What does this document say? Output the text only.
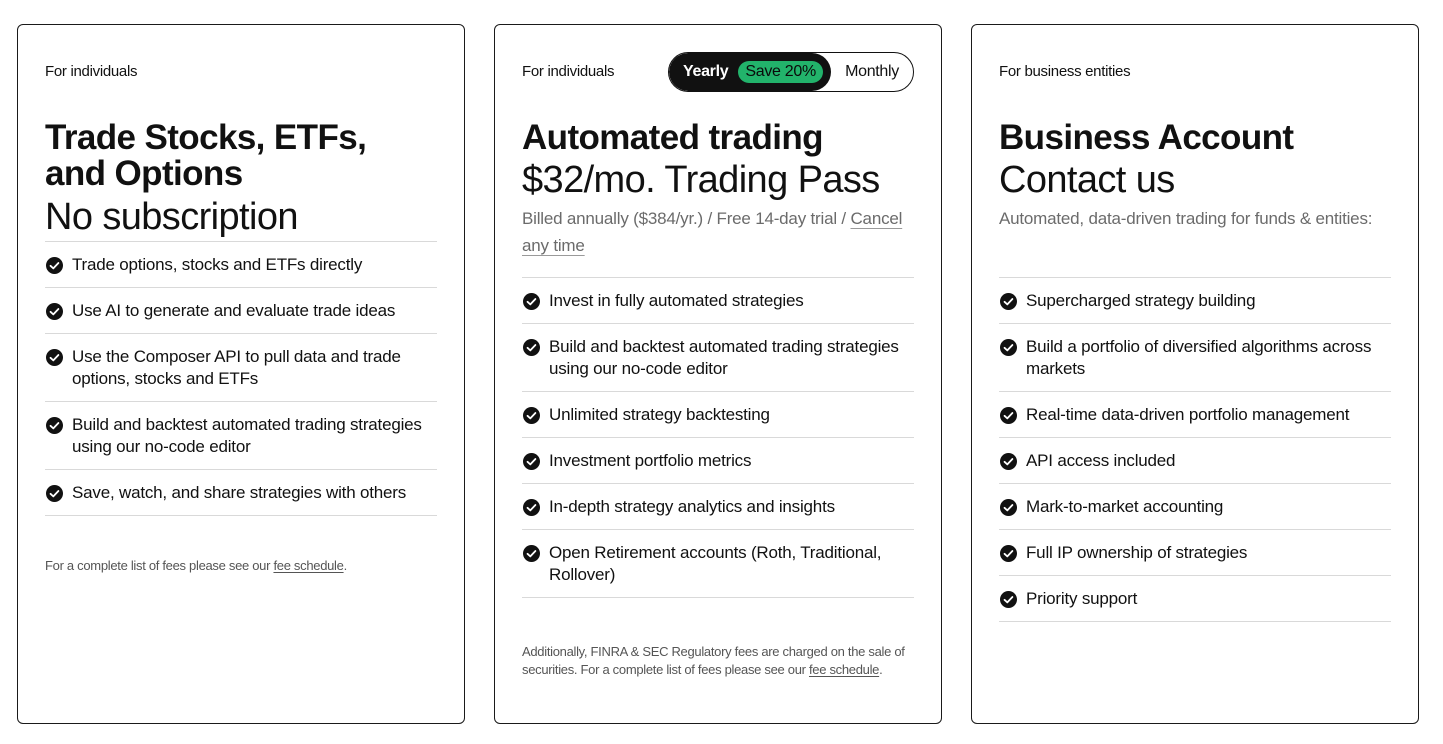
For individuals
Trade Stocks, ETFs, and Options
No subscription
Trade options, stocks and ETFs directly
Use AI to generate and evaluate trade ideas
Use the Composer API to pull data and trade options, stocks and ETFs
Build and backtest automated trading strategies using our no-code editor
Save, watch, and share strategies with others
For a complete list of fees please see our fee schedule.
For individuals	Yearly	Save 20%	Monthly
Automated trading
$32/mo. Trading Pass
Billed annually ($384/yr.) / Free 14-day trial / Cancel any time
Invest in fully automated strategies
Build and backtest automated trading strategies using our no-code editor
Unlimited strategy backtesting
Investment portfolio metrics
In-depth strategy analytics and insights
Open Retirement accounts (Roth, Traditional, Rollover)
Additionally, FINRA & SEC Regulatory fees are charged on the sale of securities. For a complete list of fees please see our fee schedule.
For business entities
Business Account
Contact us
Automated, data-driven trading for funds & entities:
Supercharged strategy building
Build a portfolio of diversified algorithms across markets
Real-time data-driven portfolio management
API access included
Mark-to-market accounting
Full IP ownership of strategies
Priority support
